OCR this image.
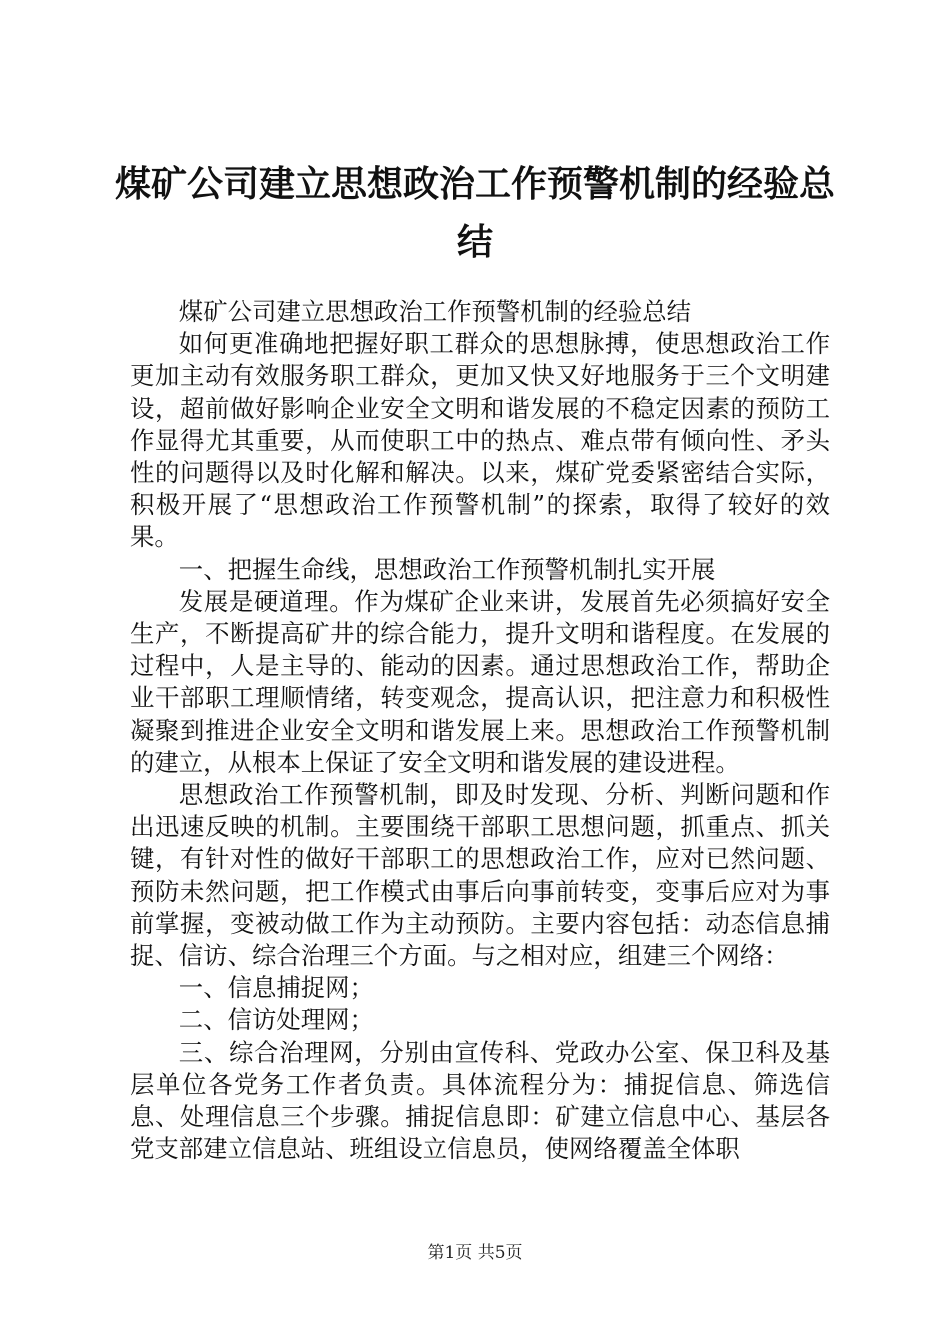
煤矿公司建立思想政治工作预警机制的经验总结

煤矿公司建立思想政治工作预警机制的经验总结

如何更准确地把握好职工群众的思想脉搏，使思想政治工作更加主动有效服务职工群众，更加又快又好地服务于三个文明建设，超前做好影响企业安全文明和谐发展的不稳定因素的预防工作显得尤其重要，从而使职工中的热点、难点带有倾向性、矛头性的问题得以及时化解和解决。以来，煤矿党委紧密结合实际，积极开展了“思想政治工作预警机制”的探索，取得了较好的效果。

一、把握生命线，思想政治工作预警机制扎实开展

发展是硬道理。作为煤矿企业来讲，发展首先必须搞好安全生产，不断提高矿井的综合能力，提升文明和谐程度。在发展的过程中，人是主导的、能动的因素。通过思想政治工作，帮助企业干部职工理顺情绪，转变观念，提高认识，把注意力和积极性凝聚到推进企业安全文明和谐发展上来。思想政治工作预警机制的建立，从根本上保证了安全文明和谐发展的建设进程。

思想政治工作预警机制，即及时发现、分析、判断问题和作出迅速反映的机制。主要围绕干部职工思想问题，抓重点、抓关键，有针对性的做好干部职工的思想政治工作，应对已然问题、预防未然问题，把工作模式由事后向事前转变，变事后应对为事前掌握，变被动做工作为主动预防。主要内容包括：动态信息捕捉、信访、综合治理三个方面。与之相对应，组建三个网络：

一、信息捕捉网；

二、信访处理网；

三、综合治理网，分别由宣传科、党政办公室、保卫科及基层单位各党务工作者负责。具体流程分为：捕捉信息、筛选信息、处理信息三个步骤。捕捉信息即：矿建立信息中心、基层各党支部建立信息站、班组设立信息员，使网络覆盖全体职

第1页 共5页
